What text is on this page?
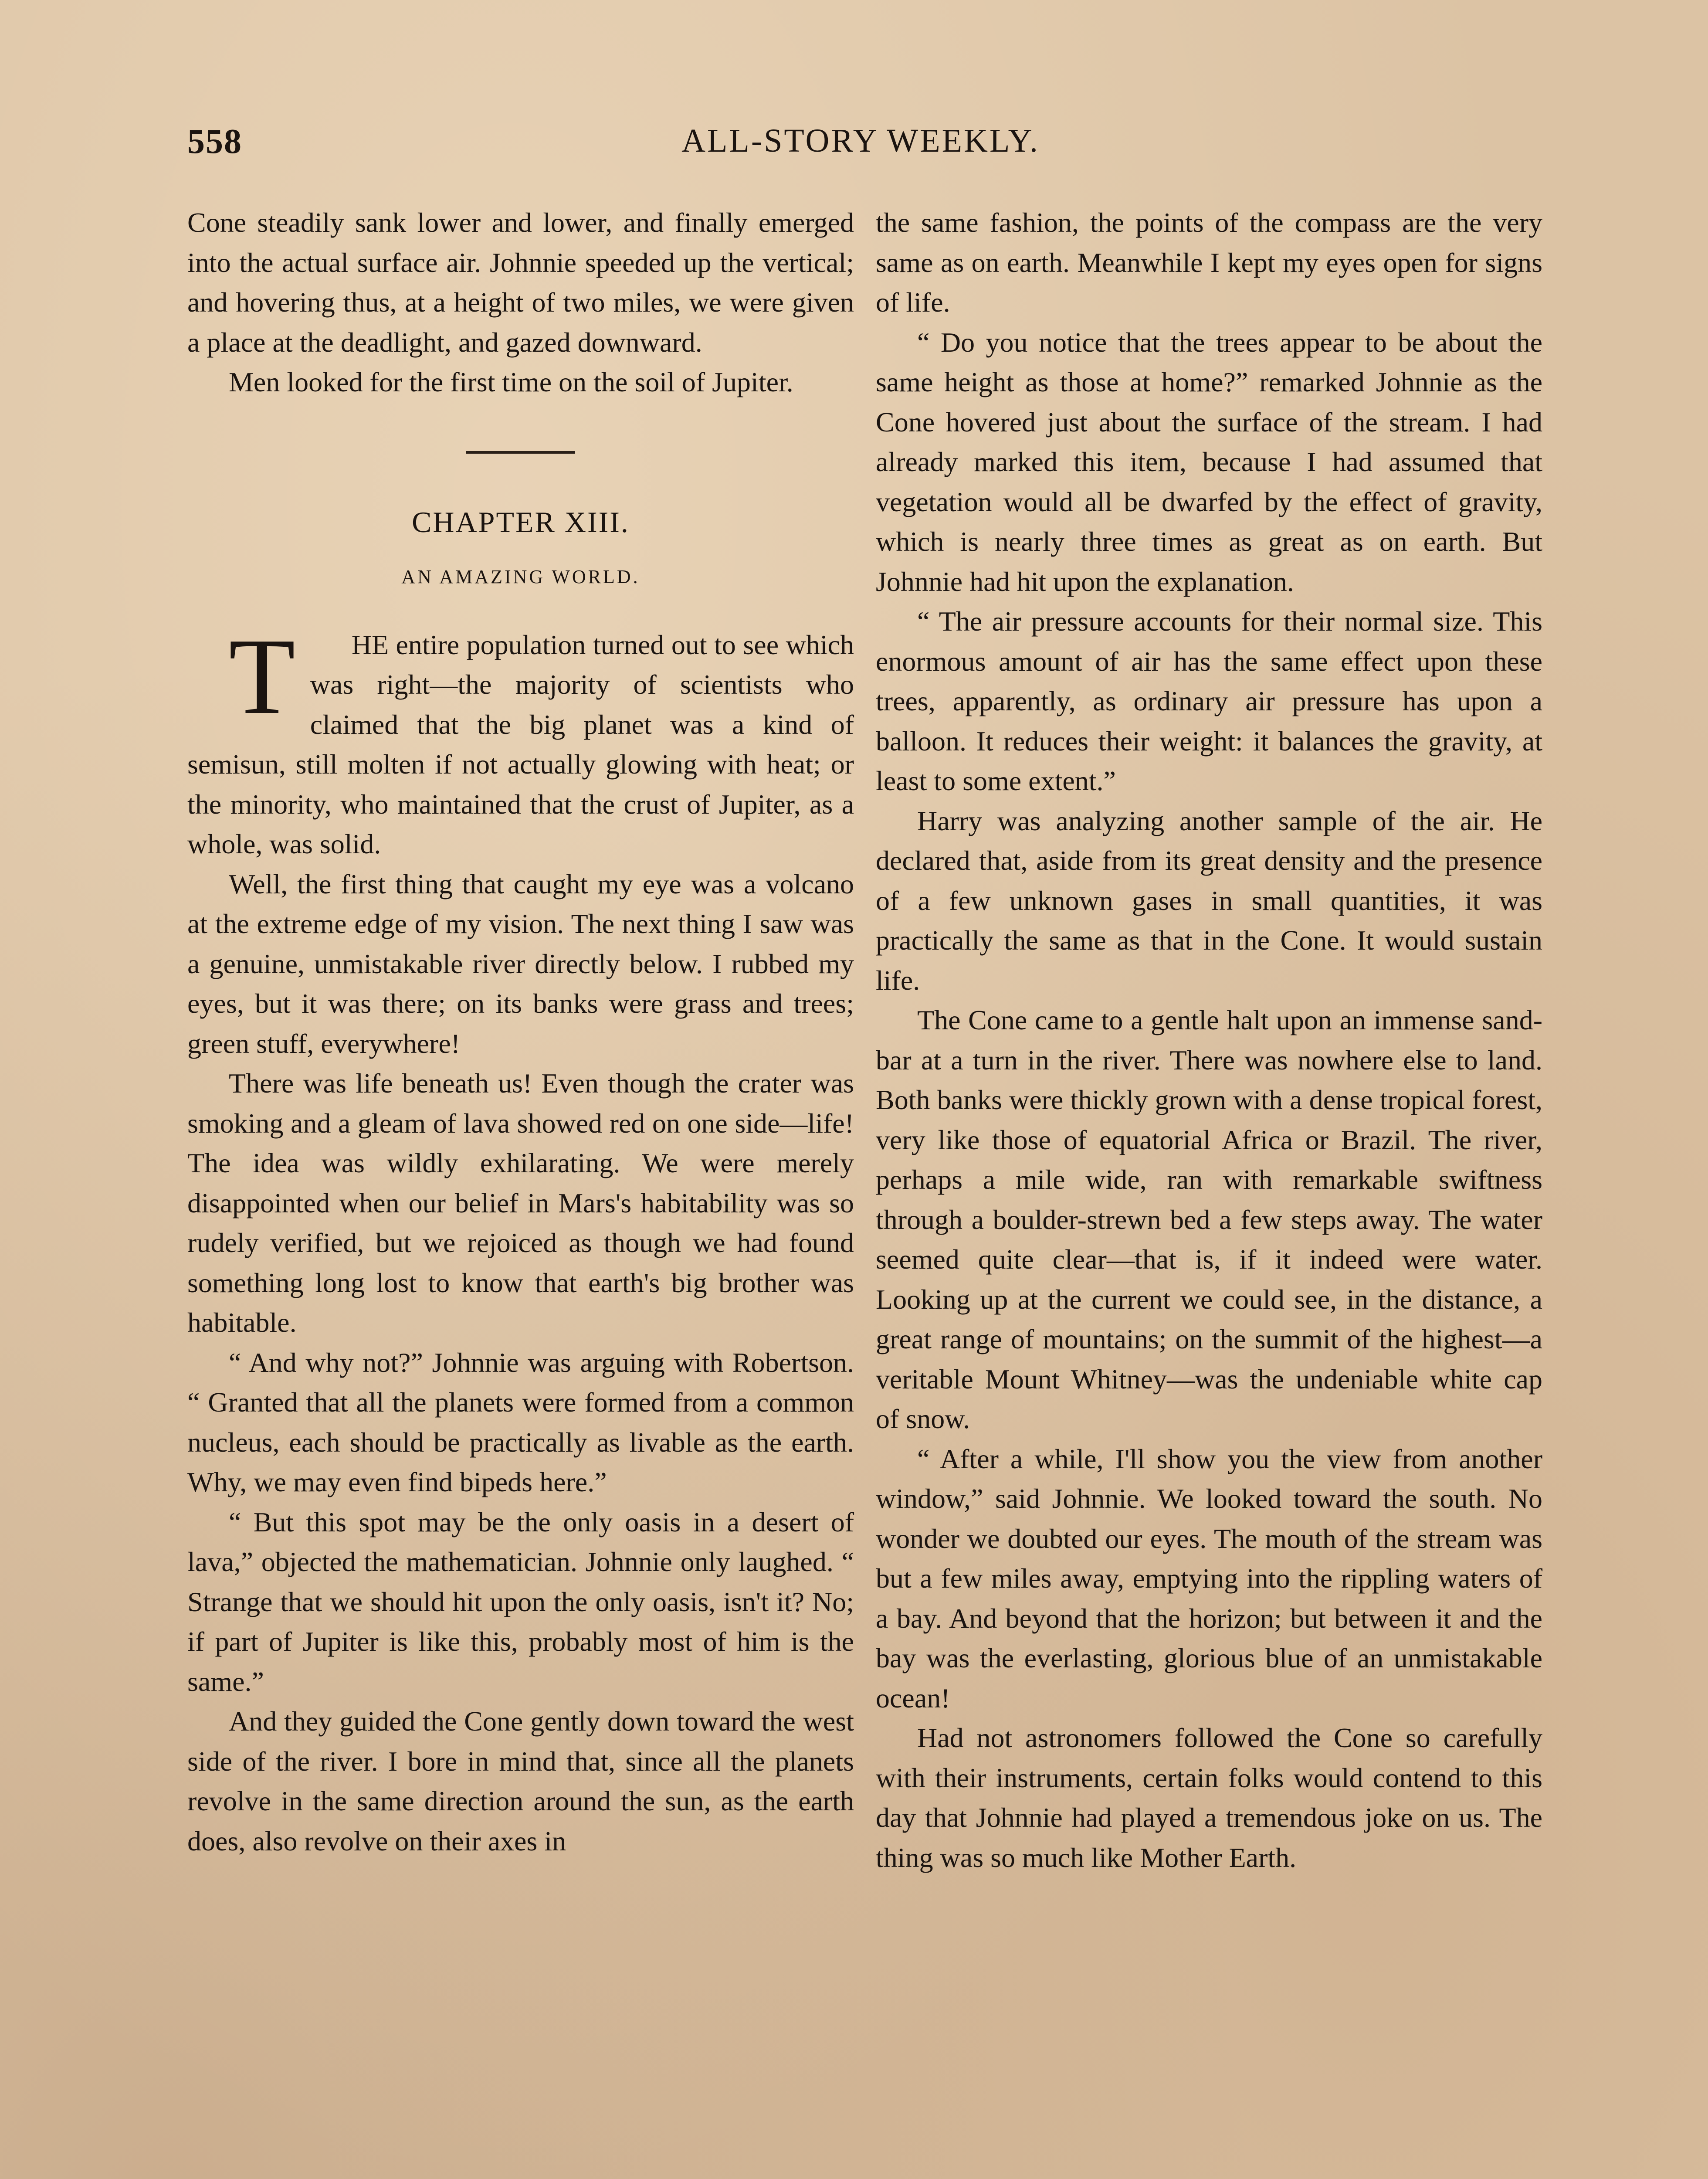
558	ALL-STORY WEEKLY.

Cone steadily sank lower and lower, and finally emerged into the actual surface air. Johnnie speeded up the vertical; and hovering thus, at a height of two miles, we were given a place at the deadlight, and gazed downward.

Men looked for the first time on the soil of Jupiter.

CHAPTER XIII.
AN AMAZING WORLD.

T	HE entire population turned out to see which was right—the majority of scientists who claimed that the big planet was a kind of semisun, still molten if not actually glowing with heat; or the minority, who maintained that the crust of Jupiter, as a whole, was solid.

Well, the first thing that caught my eye was a volcano at the extreme edge of my vision. The next thing I saw was a genuine, unmistakable river directly below. I rubbed my eyes, but it was there; on its banks were grass and trees; green stuff, everywhere!

There was life beneath us! Even though the crater was smoking and a gleam of lava showed red on one side—life! The idea was wildly exhilarating. We were merely disappointed when our belief in Mars's habitability was so rudely verified, but we rejoiced as though we had found something long lost to know that earth's big brother was habitable.

“ And why not?” Johnnie was arguing with Robertson. “ Granted that all the planets were formed from a common nucleus, each should be practically as livable as the earth. Why, we may even find bipeds here.”

“ But this spot may be the only oasis in a desert of lava,” objected the mathematician. Johnnie only laughed. “ Strange that we should hit upon the only oasis, isn't it? No; if part of Jupiter is like this, probably most of him is the same.”

And they guided the Cone gently down toward the west side of the river. I bore in mind that, since all the planets revolve in the same direction around the sun, as the earth does, also revolve on their axes in

the same fashion, the points of the compass are the very same as on earth. Meanwhile I kept my eyes open for signs of life.

“ Do you notice that the trees appear to be about the same height as those at home?” remarked Johnnie as the Cone hovered just about the surface of the stream. I had already marked this item, because I had assumed that vegetation would all be dwarfed by the effect of gravity, which is nearly three times as great as on earth. But Johnnie had hit upon the explanation.

“ The air pressure accounts for their normal size. This enormous amount of air has the same effect upon these trees, apparently, as ordinary air pressure has upon a balloon. It reduces their weight: it balances the gravity, at least to some extent.”

Harry was analyzing another sample of the air. He declared that, aside from its great density and the presence of a few unknown gases in small quantities, it was practically the same as that in the Cone. It would sustain life.

The Cone came to a gentle halt upon an immense sand-bar at a turn in the river. There was nowhere else to land. Both banks were thickly grown with a dense tropical forest, very like those of equatorial Africa or Brazil. The river, perhaps a mile wide, ran with remarkable swiftness through a boulder-strewn bed a few steps away. The water seemed quite clear—that is, if it indeed were water. Looking up at the current we could see, in the distance, a great range of mountains; on the summit of the highest—a veritable Mount Whitney—was the undeniable white cap of snow.

“ After a while, I'll show you the view from another window,” said Johnnie. We looked toward the south. No wonder we doubted our eyes. The mouth of the stream was but a few miles away, emptying into the rippling waters of a bay. And beyond that the horizon; but between it and the bay was the everlasting, glorious blue of an unmistakable ocean!

Had not astronomers followed the Cone so carefully with their instruments, certain folks would contend to this day that Johnnie had played a tremendous joke on us. The thing was so much like Mother Earth.
